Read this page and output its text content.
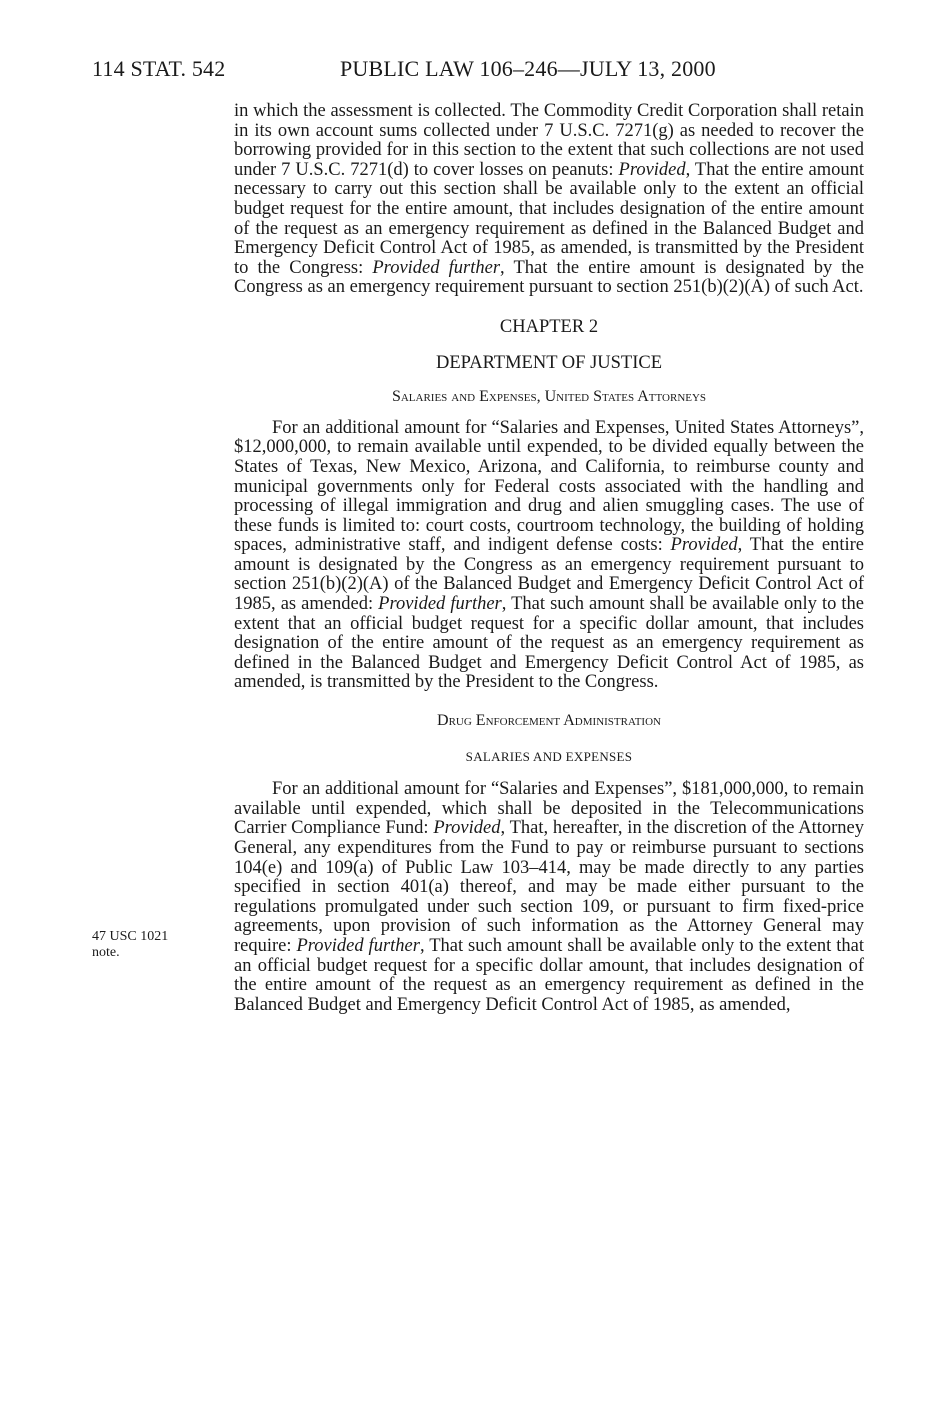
114 STAT. 542	PUBLIC LAW 106–246—JULY 13, 2000
47 USC 1021
note.

in which the assessment is collected. The Commodity Credit Corporation shall retain in its own account sums collected under 7 U.S.C. 7271(g) as needed to recover the borrowing provided for in this section to the extent that such collections are not used under 7 U.S.C. 7271(d) to cover losses on peanuts: Provided, That the entire amount necessary to carry out this section shall be available only to the extent an official budget request for the entire amount, that includes designation of the entire amount of the request as an emergency requirement as defined in the Balanced Budget and Emergency Deficit Control Act of 1985, as amended, is transmitted by the President to the Congress: Provided further, That the entire amount is designated by the Congress as an emergency requirement pursuant to section 251(b)(2)(A) of such Act.

CHAPTER 2
DEPARTMENT OF JUSTICE
Salaries and Expenses, United States Attorneys

For an additional amount for “Salaries and Expenses, United States Attorneys”, $12,000,000, to remain available until expended, to be divided equally between the States of Texas, New Mexico, Arizona, and California, to reimburse county and municipal governments only for Federal costs associated with the handling and processing of illegal immigration and drug and alien smuggling cases. The use of these funds is limited to: court costs, courtroom technology, the building of holding spaces, administrative staff, and indigent defense costs: Provided, That the entire amount is designated by the Congress as an emergency requirement pursuant to section 251(b)(2)(A) of the Balanced Budget and Emergency Deficit Control Act of 1985, as amended: Provided further, That such amount shall be available only to the extent that an official budget request for a specific dollar amount, that includes designation of the entire amount of the request as an emergency requirement as defined in the Balanced Budget and Emergency Deficit Control Act of 1985, as amended, is transmitted by the President to the Congress.

Drug Enforcement Administration
SALARIES AND EXPENSES

For an additional amount for “Salaries and Expenses”, $181,000,000, to remain available until expended, which shall be deposited in the Telecommunications Carrier Compliance Fund: Provided, That, hereafter, in the discretion of the Attorney General, any expenditures from the Fund to pay or reimburse pursuant to sections 104(e) and 109(a) of Public Law 103–414, may be made directly to any parties specified in section 401(a) thereof, and may be made either pursuant to the regulations promulgated under such section 109, or pursuant to firm fixed-price agreements, upon provision of such information as the Attorney General may require: Provided further, That such amount shall be available only to the extent that an official budget request for a specific dollar amount, that includes designation of the entire amount of the request as an emergency requirement as defined in the Balanced Budget and Emergency Deficit Control Act of 1985, as amended,
